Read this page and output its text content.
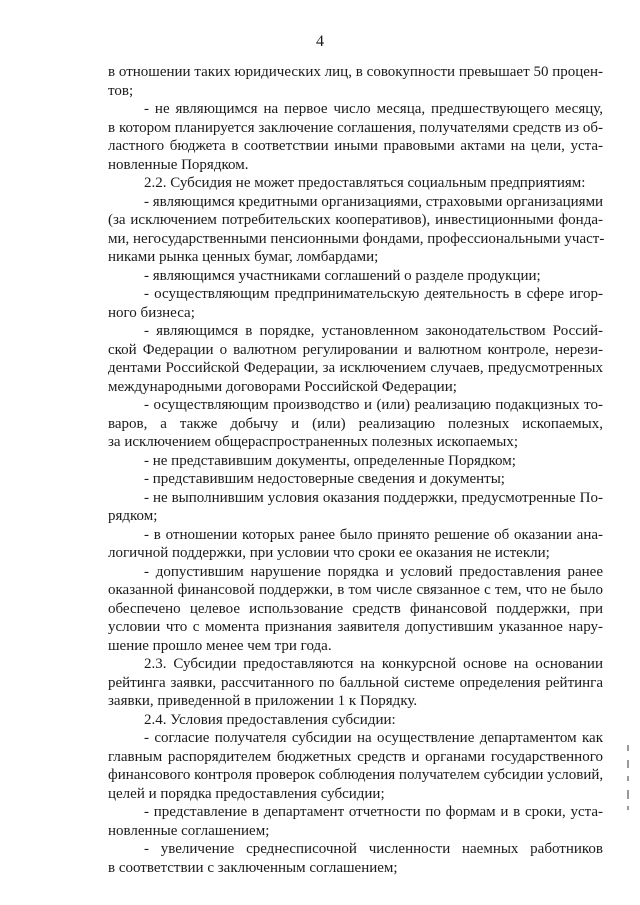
4
в отношении таких юридических лиц, в совокупности превышает 50 процен-
тов;
- не являющимся на первое число месяца, предшествующего месяцу,
в котором планируется заключение соглашения, получателями средств из об-
ластного бюджета в соответствии иными правовыми актами на цели, уста-
новленные Порядком.
2.2. Субсидия не может предоставляться социальным предприятиям:
- являющимся кредитными организациями, страховыми организациями
(за исключением потребительских кооперативов), инвестиционными фонда-
ми, негосударственными пенсионными фондами, профессиональными участ-
никами рынка ценных бумаг, ломбардами;
- являющимся участниками соглашений о разделе продукции;
- осуществляющим предпринимательскую деятельность в сфере игор-
ного бизнеса;
- являющимся в порядке, установленном законодательством Россий-
ской Федерации о валютном регулировании и валютном контроле, нерези-
дентами Российской Федерации, за исключением случаев, предусмотренных
международными договорами Российской Федерации;
- осуществляющим производство и (или) реализацию подакцизных то-
варов, а также добычу и (или) реализацию полезных ископаемых,
за исключением общераспространенных полезных ископаемых;
- не представившим документы, определенные Порядком;
- представившим недостоверные сведения и документы;
- не выполнившим условия оказания поддержки, предусмотренные По-
рядком;
- в отношении которых ранее было принято решение об оказании ана-
логичной поддержки, при условии что сроки ее оказания не истекли;
- допустившим нарушение порядка и условий предоставления ранее
оказанной финансовой поддержки, в том числе связанное с тем, что не было
обеспечено целевое использование средств финансовой поддержки, при
условии что с момента признания заявителя допустившим указанное нару-
шение прошло менее чем три года.
2.3. Субсидии предоставляются на конкурсной основе на основании
рейтинга заявки, рассчитанного по балльной системе определения рейтинга
заявки, приведенной в приложении 1 к Порядку.
2.4. Условия предоставления субсидии:
- согласие получателя субсидии на осуществление департаментом как
главным распорядителем бюджетных средств и органами государственного
финансового контроля проверок соблюдения получателем субсидии условий,
целей и порядка предоставления субсидии;
- представление в департамент отчетности по формам и в сроки, уста-
новленные соглашением;
- увеличение среднесписочной численности наемных работников
в соответствии с заключенным соглашением;
